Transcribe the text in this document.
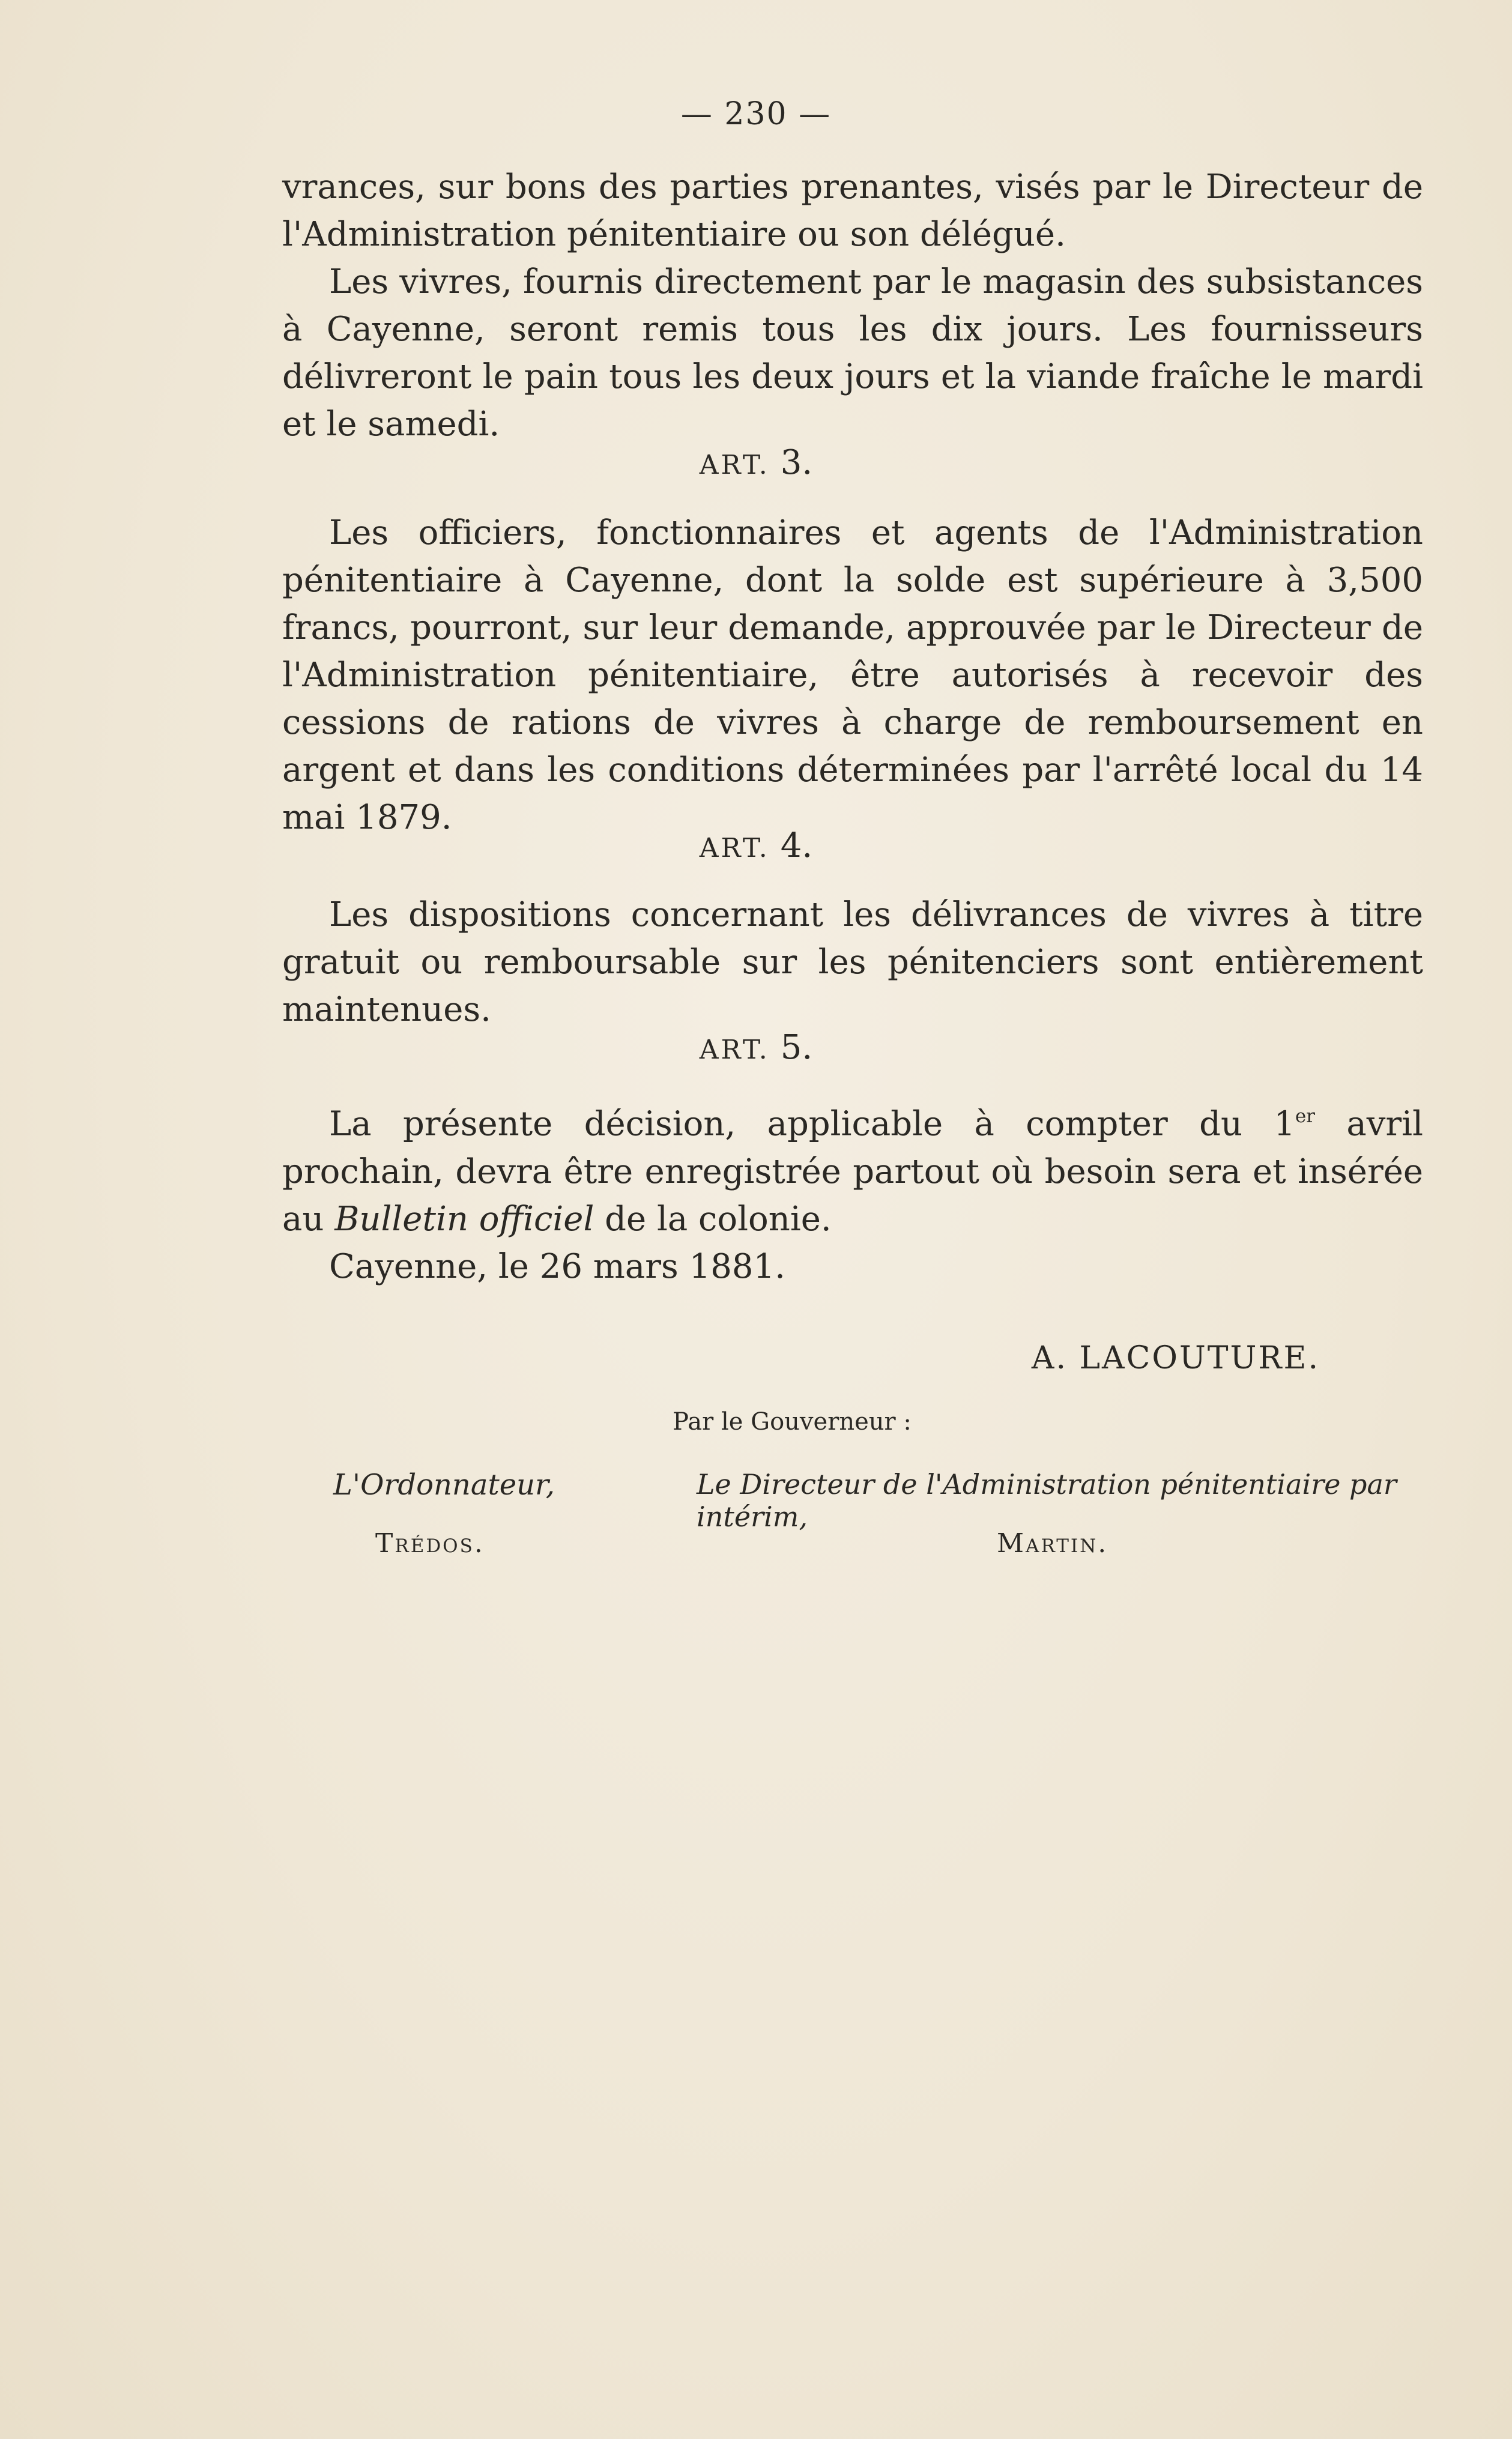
— 230 —

vrances, sur bons des parties prenantes, visés par le Directeur de l'Administration pénitentiaire ou son délégué.

Les vivres, fournis directement par le magasin des subsistances à Cayenne, seront remis tous les dix jours. Les fournisseurs délivreront le pain tous les deux jours et la viande fraîche le mardi et le samedi.

ART. 3.

Les officiers, fonctionnaires et agents de l'Administration pénitentiaire à Cayenne, dont la solde est supérieure à 3,500 francs, pourront, sur leur demande, approuvée par le Directeur de l'Administration pénitentiaire, être autorisés à recevoir des cessions de rations de vivres à charge de remboursement en argent et dans les conditions déterminées par l'arrêté local du 14 mai 1879.

ART. 4.

Les dispositions concernant les délivrances de vivres à titre gratuit ou remboursable sur les pénitenciers sont entièrement maintenues.

ART. 5.

La présente décision, applicable à compter du 1er avril prochain, devra être enregistrée partout où besoin sera et insérée au Bulletin officiel de la colonie.

Cayenne, le 26 mars 1881.

A. LACOUTURE.
Par le Gouverneur :
L'Ordonnateur,
Trédos.
Le Directeur de l'Administration pénitentiaire par intérim,
Martin.
